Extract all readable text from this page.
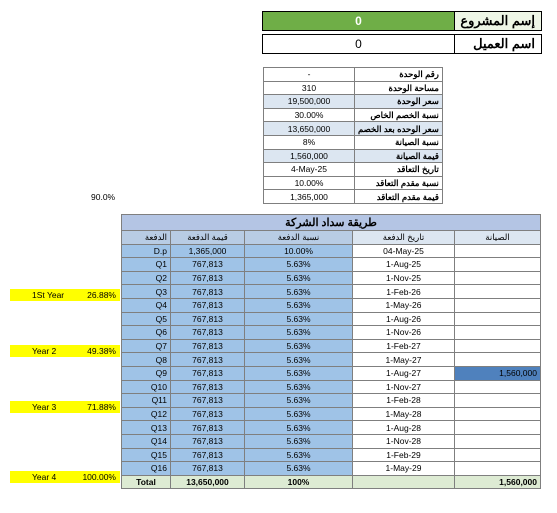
0	إسم المشروع
0	اسم العميل
-	رقم الوحدة
310	مساحة الوحدة
19,500,000	سعر الوحدة
30.00%	نسبة الخصم الخاص
13,650,000	سعر الوحده بعد الخصم
8%	نسبة الصيانة
1,560,000	قيمة الصيانة
4-May-25	تاريخ التعاقد
10.00%	نسبة مقدم التعاقد
1,365,000	قيمة مقدم التعاقد
90.0%
1St Year	26.88%
Year 2	49.38%
Year 3	71.88%
Year 4	100.00%
طريقة سداد الشركة				
الدفعة	قيمة الدفعة	نسبة الدفعة	تاريخ الدفعة	الصيانة
D.p	1,365,000	10.00%	04-May-25	
Q1	767,813	5.63%	1-Aug-25	
Q2	767,813	5.63%	1-Nov-25	
Q3	767,813	5.63%	1-Feb-26	
Q4	767,813	5.63%	1-May-26	
Q5	767,813	5.63%	1-Aug-26	
Q6	767,813	5.63%	1-Nov-26	
Q7	767,813	5.63%	1-Feb-27	
Q8	767,813	5.63%	1-May-27	
Q9	767,813	5.63%	1-Aug-27	1,560,000
Q10	767,813	5.63%	1-Nov-27	
Q11	767,813	5.63%	1-Feb-28	
Q12	767,813	5.63%	1-May-28	
Q13	767,813	5.63%	1-Aug-28	
Q14	767,813	5.63%	1-Nov-28	
Q15	767,813	5.63%	1-Feb-29	
Q16	767,813	5.63%	1-May-29	
Total	13,650,000	100%		1,560,000
